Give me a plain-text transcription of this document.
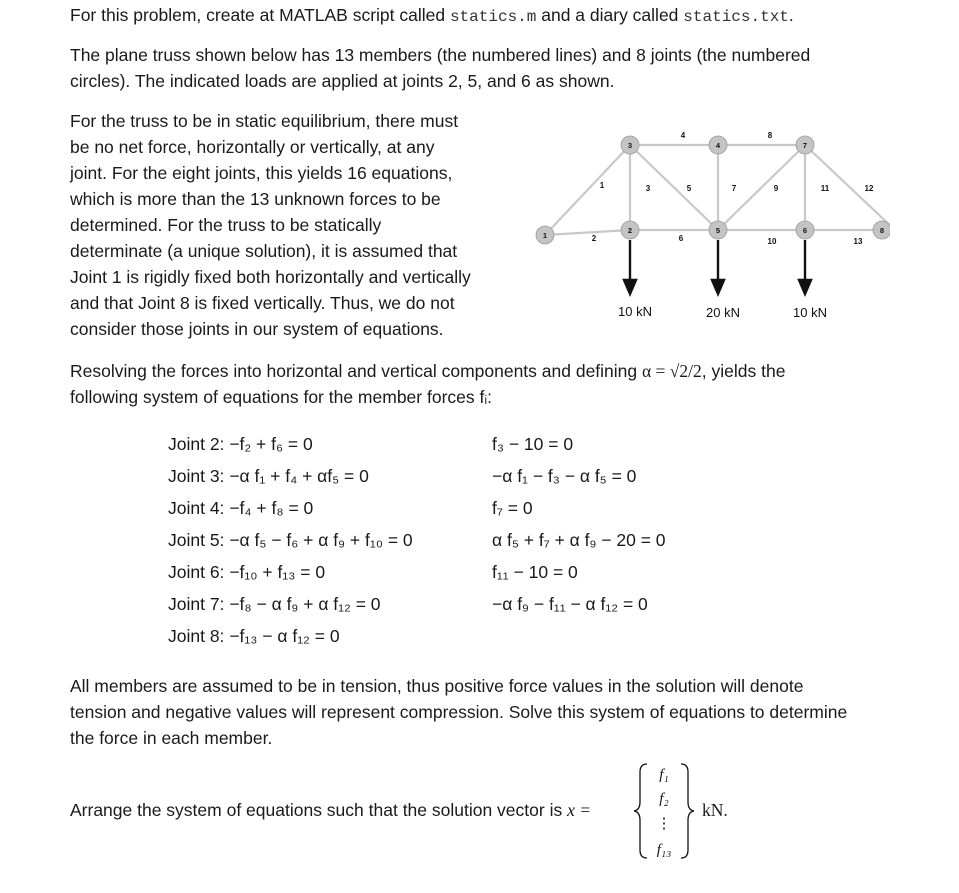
For this problem, create at MATLAB script called statics.m and a diary called statics.txt.
The plane truss shown below has 13 members (the numbered lines) and 8 joints (the numbered
circles). The indicated loads are applied at joints 2, 5, and 6 as shown.
For the truss to be in static equilibrium, there must
be no net force, horizontally or vertically, at any
joint. For the eight joints, this yields 16 equations,
which is more than the 13 unknown forces to be
determined. For the truss to be statically
determinate (a unique solution), it is assumed that
Joint 1 is rigidly fixed both horizontally and vertically
and that Joint 8 is fixed vertically. Thus, we do not
consider those joints in our system of equations.
1
2
3	4
5	6
7
8
1
2
3
4
5
6
7
8
9
10
11	12
13
10 kN	20 kN	10 kN
Resolving the forces into horizontal and vertical components and defining α = √2/2, yields the
following system of equations for the member forces fᵢ:
Joint 2: −f₂ + f₆ = 0	f₃ − 10 = 0
Joint 3: −α f₁ + f₄ + αf₅ = 0	−α f₁ − f₃ − α f₅ = 0
Joint 4: −f₄ + f₈ = 0	f₇ = 0
Joint 5: −α f₅ − f₆ + α f₉ + f₁₀ = 0	α f₅ + f₇ + α f₉ − 20 = 0
Joint 6: −f₁₀ + f₁₃ = 0	f₁₁ − 10 = 0
Joint 7: −f₈ − α f₉ + α f₁₂ = 0	−α f₉ − f₁₁ − α f₁₂ = 0
Joint 8: −f₁₃ − α f₁₂ = 0
All members are assumed to be in tension, thus positive force values in the solution will denote
tension and negative values will represent compression. Solve this system of equations to determine
the force in each member.
Arrange the system of equations such that the solution vector is x =
f₁
f₂
⋮
f₁₃
kN.
